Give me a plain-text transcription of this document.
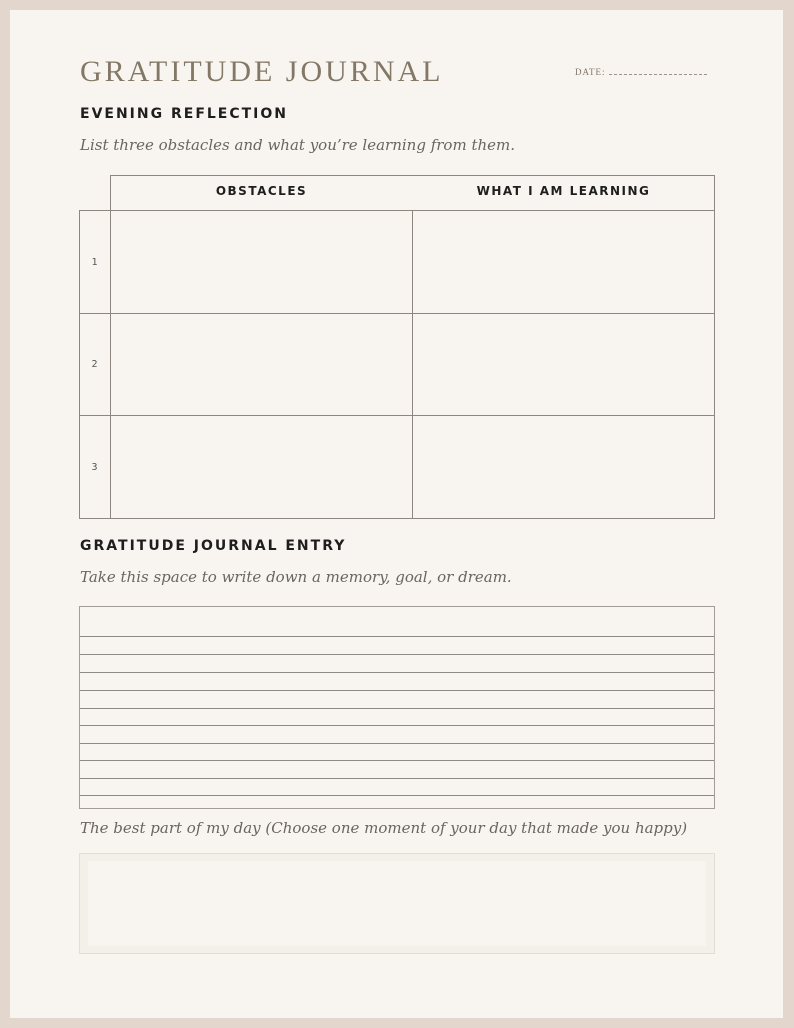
GRATITUDE JOURNAL	DATE:
EVENING REFLECTION
List three obstacles and what you’re learning from them.
OBSTACLES	WHAT I AM LEARNING
1
2
3
GRATITUDE JOURNAL ENTRY
Take this space to write down a memory, goal, or dream.
The best part of my day (Choose one moment of your day that made you happy)
